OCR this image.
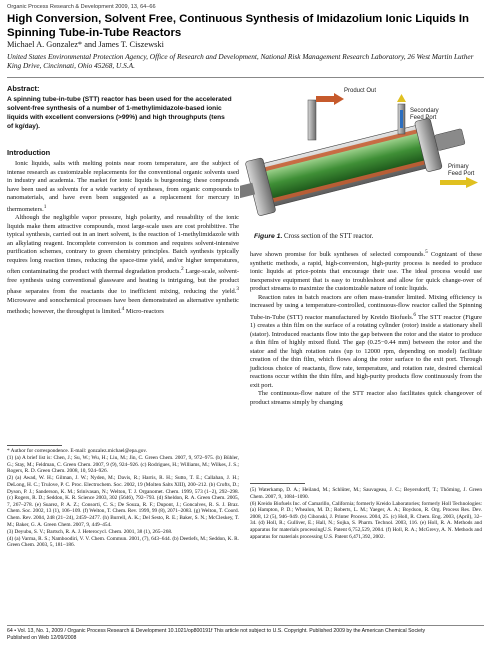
Organic Process Research & Development 2009, 13, 64–66
High Conversion, Solvent Free, Continuous Synthesis of Imidazolium Ionic Liquids In Spinning Tube-in-Tube Reactors
Michael A. Gonzalez* and James T. Ciszewski
United States Environmental Protection Agency, Office of Research and Development, National Risk Management Research Laboratory, 26 West Martin Luther King Drive, Cincinnati, Ohio 45268, U.S.A.
Abstract:
A spinning tube-in-tube (STT) reactor has been used for the accelerated solvent-free synthesis of a number of 1-methylimidazole-based ionic liquids with excellent conversions (>99%) and high throughputs (tens of kg/day).
Introduction

Ionic liquids, salts with melting points near room temperature, are the subject of intense research as customizable replacements for the conventional organic solvents used in industry and academia. The market for ionic liquids is burgeoning; these compounds have been used as solvents for a wide variety of syntheses, from organic compounds to nanomaterials, and have even been suggested as a replacement for mercury in thermometers.$^1$

Although the negligible vapor pressure, high polarity, and reusability of the ionic liquids make them attractive compounds, most large-scale uses are cost prohibitive. The typical synthesis, carried out in an inert solvent, is the reaction of 1-methylimidazole with an alkylating reagent. Incomplete conversion is common and requires solvent-intensive purification schemes, contrary to green chemistry principles. Batch synthesis typically requires long reaction times, reducing the space-time yield, and/or higher temperatures, often contaminating the product with thermal degradation products.$^2$ Large-scale, solvent-free synthesis using conventional glassware and heating is intriguing, but the product phase separates from the reactants due to inefficient mixing, reducing the yield.$^3$ Microwave and sonochemical processes have been demonstrated as alternative synthetic methods; however, the throughput is limited.$^4$ Micro-reactors

Product Out
Secondary
Feed Port
Primary
Feed Port
Figure 1. Cross section of the STT reactor.

have shown promise for bulk syntheses of selected compounds.$^5$ Cognizant of these synthetic methods, a rapid, high-conversion, high-purity process is needed to produce ionic liquids at price-points that encourage their use. The ideal process would use inexpensive equipment that is easy to troubleshoot and allow for quick change-over of product streams to maximize the customizable nature of ionic liquids.

Reaction rates in batch reactors are often mass-transfer limited. Mixing efficiency is increased by using a temperature-controlled, continuous-flow reactor called the Spinning Tube-in-Tube (STT) reactor manufactured by Kreido Biofuels.$^6$ The STT reactor (Figure 1) creates a thin film on the surface of a rotating cylinder (rotor) inside a stationary shell (stator). Introduced reactants flow into the gap between the rotor and the stator to produce a thin film of highly mixed fluid. The gap (0.25−0.44 mm) between the rotor and the stator and the high rotation rates (up to 12000 rpm, depending on model) facilitate creation of the thin film, which flows along the rotor surface to the exit port. Through judicious choice of reactants, flow rate, temperature, and rotation rate, desired chemical reactions occur within the thin film, and high-purity products flow continuously from the exit port.

The continuous-flow nature of the STT reactor also facilitates quick changeover of product streams simply by changing

* Author for correspondence. E-mail: gonzalez.michael@epa.gov.

(1) (a) A brief list is: Chen, J.; Su, W.; Wu, H.; Liu, M.; Jin, C. Green Chem. 2007, 9, 972–975. (b) Bühler, G.; Stay, M.; Feldman, C. Green Chem. 2007, 9 (9), 924–926. (c) Rodrigues, H.; Williams, M.; Wilkes, J. S.; Rogers, R. D. Green Chem. 2008, 10, 924–926.

(2) (a) Awad, W. H.; Gilman, J. W.; Nyden, M.; Davis, R.; Harris, R. H.; Sutto, T. E.; Callahan, J. H.; DeLong, H. C.; Trulove, P. C. Proc. Electrochem. Soc. 2002, 19 (Molten Salts XIII), 200–212. (b) Crofts, D.; Dyson, P. J.; Sanderson, K. M.; Srinivasan, N.; Welton, T. J. Organomet. Chem. 1999, 573 (1−2), 292–298. (c) Rogers, R. D.; Seddon, K. R. Science 2003, 302 (5646), 792–793. (d) Sheldon, R. A. Green Chem. 2005, 7, 267–278. (e) Suarez, P. A. Z.; Consorti, C. S.; De Souza, R. F.; Dupont, J.; Goncalves, R. S. J. Braz. Chem. Soc. 2002, 13 (1), 106–109. (f) Welton, T. Chem. Rev. 1999, 99 (8), 2071–2083. (g) Welton, T. Coord. Chem. Rev. 2004, 248 (21−24), 2459–2477. (h) Burrell, A. K.; Del Sesto, R. E.; Baker, S. N.; McCleskey, T. M.; Baker, G. A. Green Chem. 2007, 9, 449–454.

(3) Deyubu, S. V.; Bartsch, R. A. J. Heterocycl. Chem. 2001, 38 (1), 265–268.

(4) (a) Varma, R. S.; Namboodiri, V. V. Chem. Commun. 2001, (7), 643–644. (b) Deetlefs, M.; Seddon, K. R. Green Chem. 2003, 5, 181–186.

(5) Waterkamp, D. A.; Heiland, M.; Schlüter, M.; Sauvageau, J. C.; Beyersdorff, T.; Thöming, J. Green Chem. 2007, 9, 1084–1090.

(6) Kreido Biofuels Inc. of Camarillo, California; formerly Kreido Laboratories; formerly Holl Technologies: (a) Hampton, P. D.; Whealon, M. D.; Roberts, L. M.; Yaeger, A. A.; Boydson, R. Org. Process Res. Dev. 2008, 12 (5), 946–949. (b) Cihonski, J. Printer Process. 2004, 25. (c) Holl, R. Chem. Eng. 2003, (April), 32–34. (d) Holl, R.; Gulliver, E.; Hall, N.; Sojka, S. Pharm. Technol. 2003, 116. (e) Holl, R. A. Methods and apparatus for materials processingU.S. Patent 6,752,529, 2004. (f) Holl, R. A.; McGrevy, A. N. Methods and apparatus for materials processing U.S. Patent 6,471,392, 2002.

64 • Vol. 13, No. 1, 2009 / Organic Process Research & Development 10.1021/op800191f This article not subject to U.S. Copyright. Published 2009 by the American Chemical Society
Published on Web 12/09/2008
